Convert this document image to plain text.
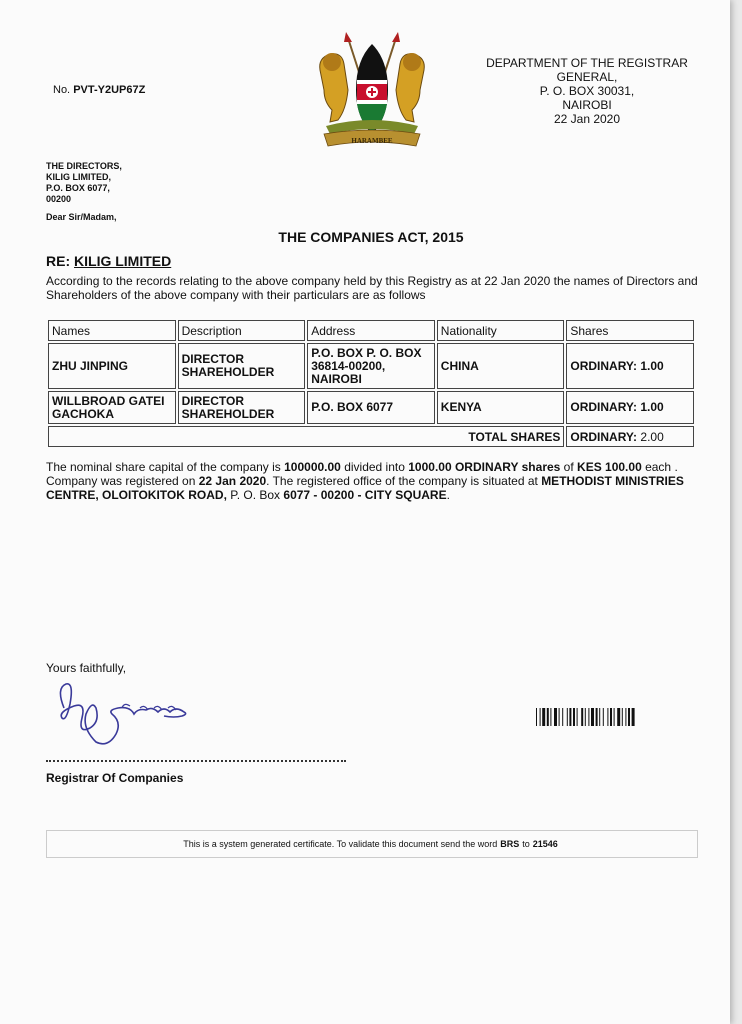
No. PVT-Y2UP67Z
HARAMBEE
DEPARTMENT OF THE REGISTRAR
GENERAL,
P. O. BOX 30031,
NAIROBI
22 Jan 2020
THE DIRECTORS,
KILIG LIMITED,
P.O. BOX 6077,
00200
Dear Sir/Madam,
THE COMPANIES ACT, 2015
RE: KILIG LIMITED
According to the records relating to the above company held by this Registry as at 22 Jan 2020 the names of Directors and Shareholders of the above company with their particulars are as follows
Names	Description	Address	Nationality	Shares
ZHU JINPING	DIRECTOR SHAREHOLDER	P.O. BOX P. O. BOX 36814-00200, NAIROBI	CHINA	ORDINARY: 1.00
WILLBROAD GATEI GACHOKA	DIRECTOR SHAREHOLDER	P.O. BOX 6077	KENYA	ORDINARY: 1.00
TOTAL SHARES				ORDINARY: 2.00
The nominal share capital of the company is 100000.00 divided into 1000.00 ORDINARY shares of KES 100.00 each . Company was registered on 22 Jan 2020. The registered office of the company is situated at METHODIST MINISTRIES CENTRE, OLOITOKITOK ROAD, P. O. Box 6077 - 00200 - CITY SQUARE.
Yours faithfully,
Registrar Of Companies
This is a system generated certificate. To validate this document send the word BRS to 21546
